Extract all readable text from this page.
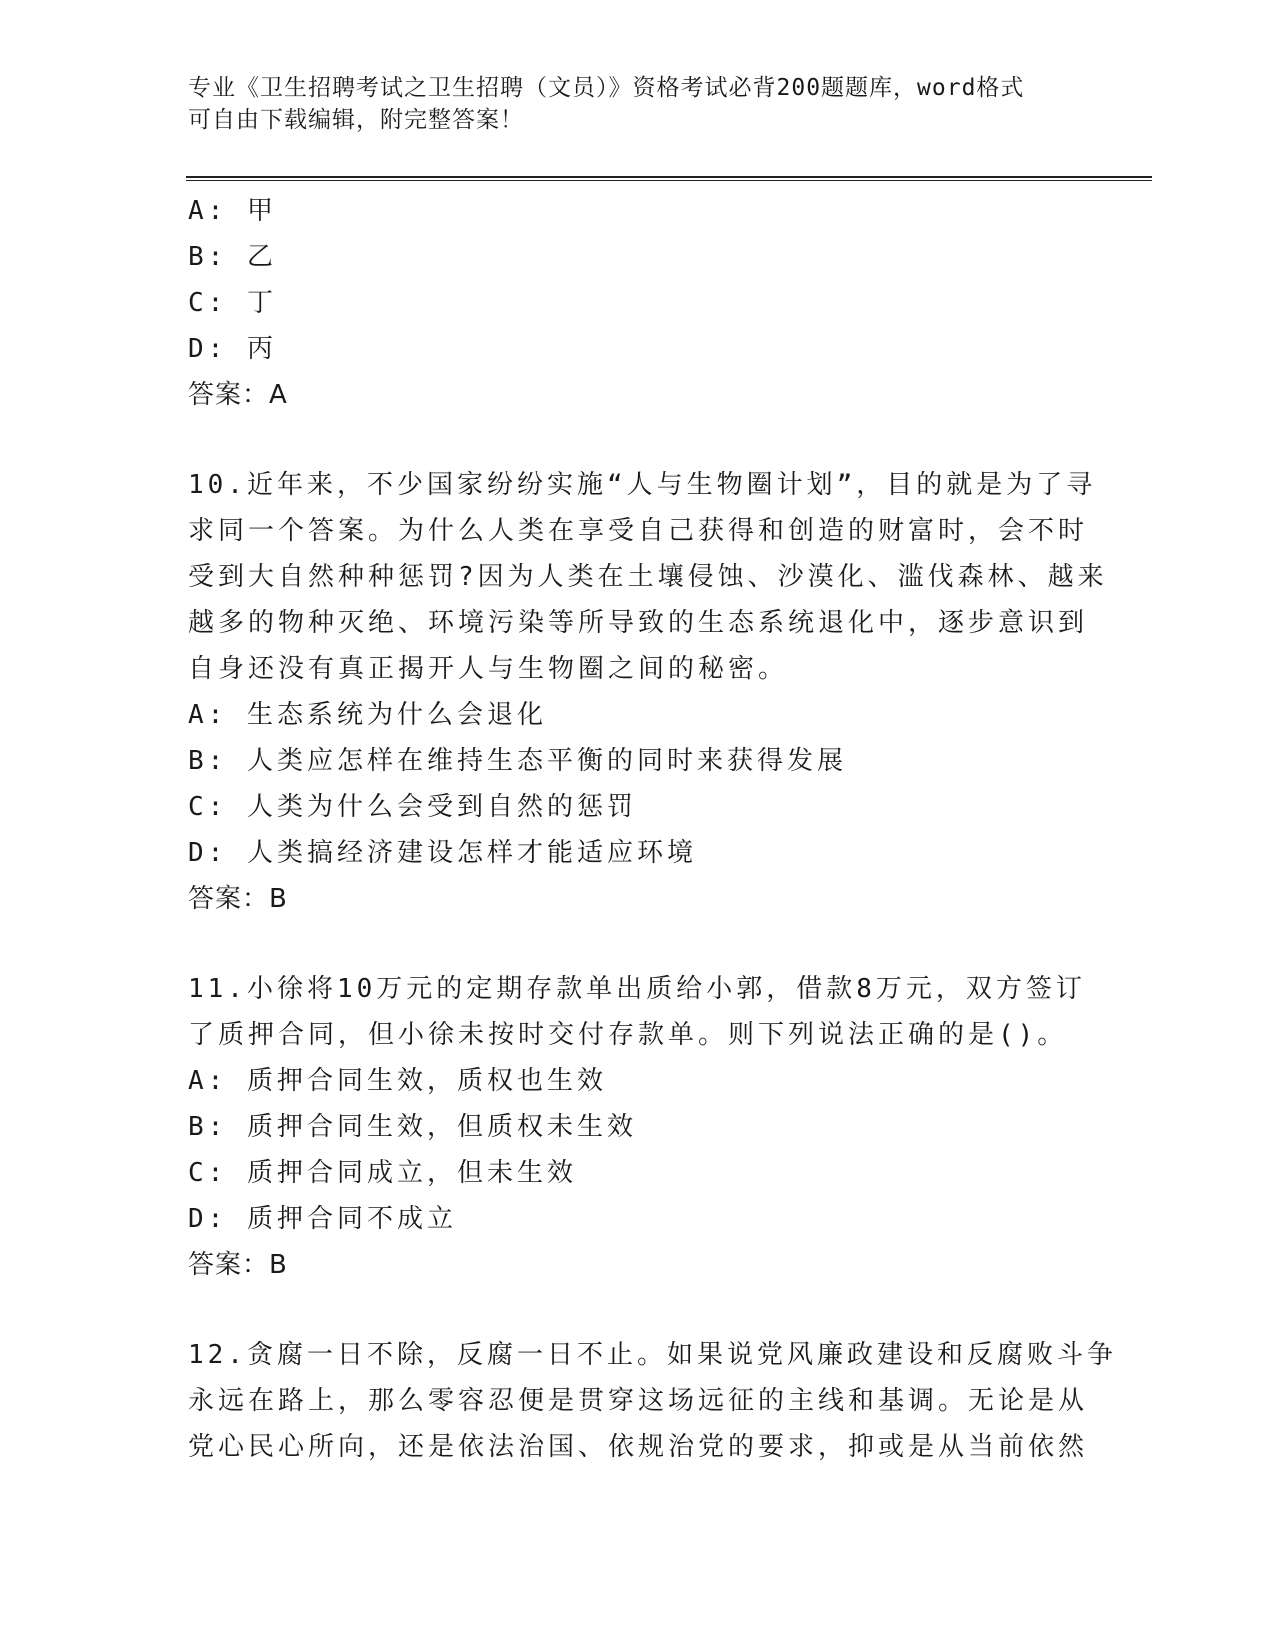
专业《卫生招聘考试之卫生招聘（文员）》资格考试必背200题题库，word格式
可自由下载编辑，附完整答案！
A: 甲
B: 乙
C: 丁
D: 丙
答案：A
10.近年来，不少国家纷纷实施“人与生物圈计划”，目的就是为了寻
求同一个答案。为什么人类在享受自己获得和创造的财富时，会不时
受到大自然种种惩罚?因为人类在土壤侵蚀、沙漠化、滥伐森林、越来
越多的物种灭绝、环境污染等所导致的生态系统退化中，逐步意识到
自身还没有真正揭开人与生物圈之间的秘密。
A: 生态系统为什么会退化
B: 人类应怎样在维持生态平衡的同时来获得发展
C: 人类为什么会受到自然的惩罚
D: 人类搞经济建设怎样才能适应环境
答案：B
11.小徐将10万元的定期存款单出质给小郭，借款8万元，双方签订
了质押合同，但小徐未按时交付存款单。则下列说法正确的是()。
A: 质押合同生效，质权也生效
B: 质押合同生效，但质权未生效
C: 质押合同成立，但未生效
D: 质押合同不成立
答案：B
12.贪腐一日不除，反腐一日不止。如果说党风廉政建设和反腐败斗争
永远在路上，那么零容忍便是贯穿这场远征的主线和基调。无论是从
党心民心所向，还是依法治国、依规治党的要求，抑或是从当前依然
